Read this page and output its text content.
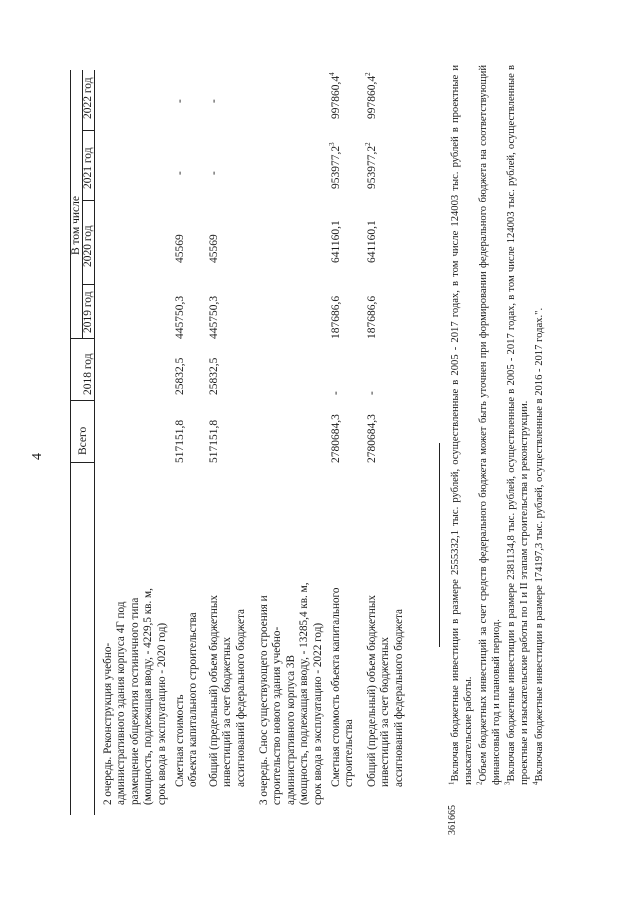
4
Всего
В том числе
2018 год
2019 год
2020 год
2021 год
2022 год
2 очередь. Реконструкция учебно-
административного здания корпуса 4Г под
размещение общежития гостиничного типа
(мощность, подлежащая вводу, - 4229,5 кв. м,
срок ввода в эксплуатацию - 2020 год)
Сметная стоимость
объекта капитального строительства
517151,8
25832,5
445750,3
45569
-
-
Общий (предельный) объем бюджетных
инвестиций за счет бюджетных
ассигнований федерального бюджета
517151,8
25832,5
445750,3
45569
-
-
3 очередь. Снос существующего строения и
строительство нового здания учебно-
административного корпуса 3В
(мощность, подлежащая вводу, - 13285,4 кв. м,
срок ввода в эксплуатацию - 2022 год)
Сметная стоимость объекта капитального
строительства
2780684,3
-
187686,6
641160,1
953977,2$^3$
997860,4$^4$
Общий (предельный) объем бюджетных
инвестиций за счет бюджетных
ассигнований федерального бюджета
2780684,3
-
187686,6
641160,1
953977,2$^2$
997860,4$^2$
$^1$Включая бюджетные инвестиции в размере 2555332,1 тыс. рублей, осуществленные в 2005 - 2017 годах, в том числе 124003 тыс. рублей в проектные и изыскательские работы. $^2$Объем бюджетных инвестиций за счет средств федерального бюджета может быть уточнен при формировании федерального бюджета на соответствующий финансовый год и плановый период. $^3$Включая бюджетные инвестиции в размере 2381134,8 тыс. рублей, осуществленные в 2005 - 2017 годах, в том числе 124003 тыс. рублей, осуществленные в проектные и изыскательские работы по I и II этапам строительства и реконструкции. $^4$Включая бюджетные инвестиции в размере 174197,3 тыс. рублей, осуществленные в 2016 - 2017 годах.".
361665
